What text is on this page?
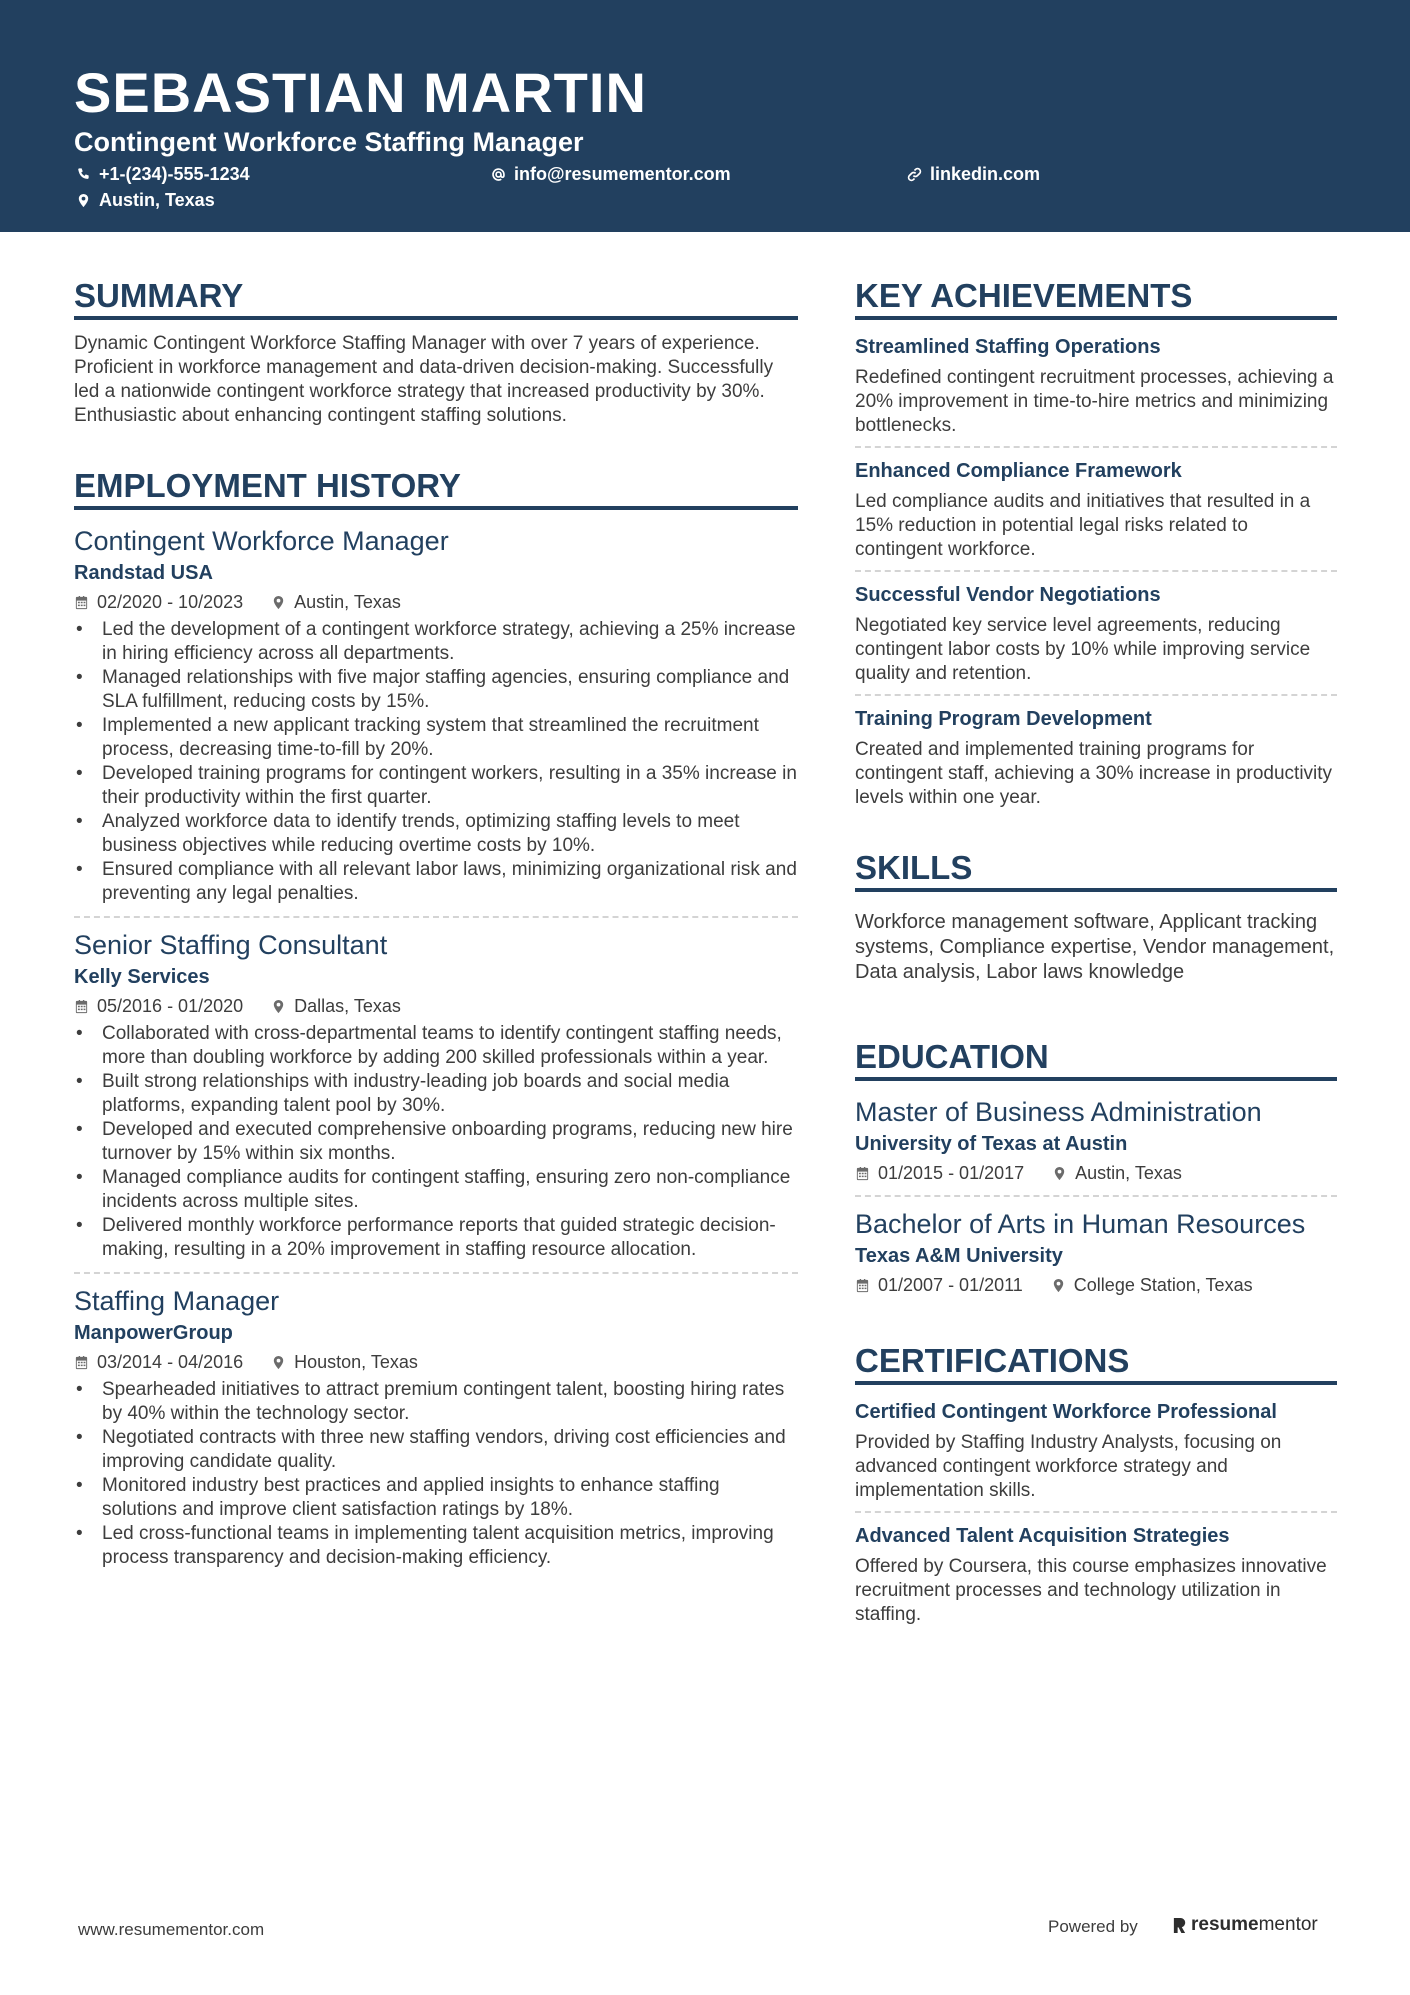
SEBASTIAN MARTIN
Contingent Workforce Staffing Manager
+1-(234)-555-1234	info@resumementor.com	linkedin.com
Austin, Texas
SUMMARY
Dynamic Contingent Workforce Staffing Manager with over 7 years of experience. Proficient in workforce management and data-driven decision-making. Successfully led a nationwide contingent workforce strategy that increased productivity by 30%. Enthusiastic about enhancing contingent staffing solutions.
EMPLOYMENT HISTORY
Contingent Workforce Manager
Randstad USA
02/2020 - 10/2023	Austin, Texas
• Led the development of a contingent workforce strategy, achieving a 25% increase in hiring efficiency across all departments.
• Managed relationships with five major staffing agencies, ensuring compliance and SLA fulfillment, reducing costs by 15%.
• Implemented a new applicant tracking system that streamlined the recruitment process, decreasing time-to-fill by 20%.
• Developed training programs for contingent workers, resulting in a 35% increase in their productivity within the first quarter.
• Analyzed workforce data to identify trends, optimizing staffing levels to meet business objectives while reducing overtime costs by 10%.
• Ensured compliance with all relevant labor laws, minimizing organizational risk and preventing any legal penalties.
Senior Staffing Consultant
Kelly Services
05/2016 - 01/2020	Dallas, Texas
• Collaborated with cross-departmental teams to identify contingent staffing needs, more than doubling workforce by adding 200 skilled professionals within a year.
• Built strong relationships with industry-leading job boards and social media platforms, expanding talent pool by 30%.
• Developed and executed comprehensive onboarding programs, reducing new hire turnover by 15% within six months.
• Managed compliance audits for contingent staffing, ensuring zero non-compliance incidents across multiple sites.
• Delivered monthly workforce performance reports that guided strategic decision-making, resulting in a 20% improvement in staffing resource allocation.
Staffing Manager
ManpowerGroup
03/2014 - 04/2016	Houston, Texas
• Spearheaded initiatives to attract premium contingent talent, boosting hiring rates by 40% within the technology sector.
• Negotiated contracts with three new staffing vendors, driving cost efficiencies and improving candidate quality.
• Monitored industry best practices and applied insights to enhance staffing solutions and improve client satisfaction ratings by 18%.
• Led cross-functional teams in implementing talent acquisition metrics, improving process transparency and decision-making efficiency.
KEY ACHIEVEMENTS
Streamlined Staffing Operations
Redefined contingent recruitment processes, achieving a 20% improvement in time-to-hire metrics and minimizing bottlenecks.
Enhanced Compliance Framework
Led compliance audits and initiatives that resulted in a 15% reduction in potential legal risks related to contingent workforce.
Successful Vendor Negotiations
Negotiated key service level agreements, reducing contingent labor costs by 10% while improving service quality and retention.
Training Program Development
Created and implemented training programs for contingent staff, achieving a 30% increase in productivity levels within one year.
SKILLS
Workforce management software, Applicant tracking systems, Compliance expertise, Vendor management, Data analysis, Labor laws knowledge
EDUCATION
Master of Business Administration
University of Texas at Austin
01/2015 - 01/2017	Austin, Texas
Bachelor of Arts in Human Resources
Texas A&M University
01/2007 - 01/2011	College Station, Texas
CERTIFICATIONS
Certified Contingent Workforce Professional
Provided by Staffing Industry Analysts, focusing on advanced contingent workforce strategy and implementation skills.
Advanced Talent Acquisition Strategies
Offered by Coursera, this course emphasizes innovative recruitment processes and technology utilization in staffing.
www.resumementor.com	Powered by	resume mentor
